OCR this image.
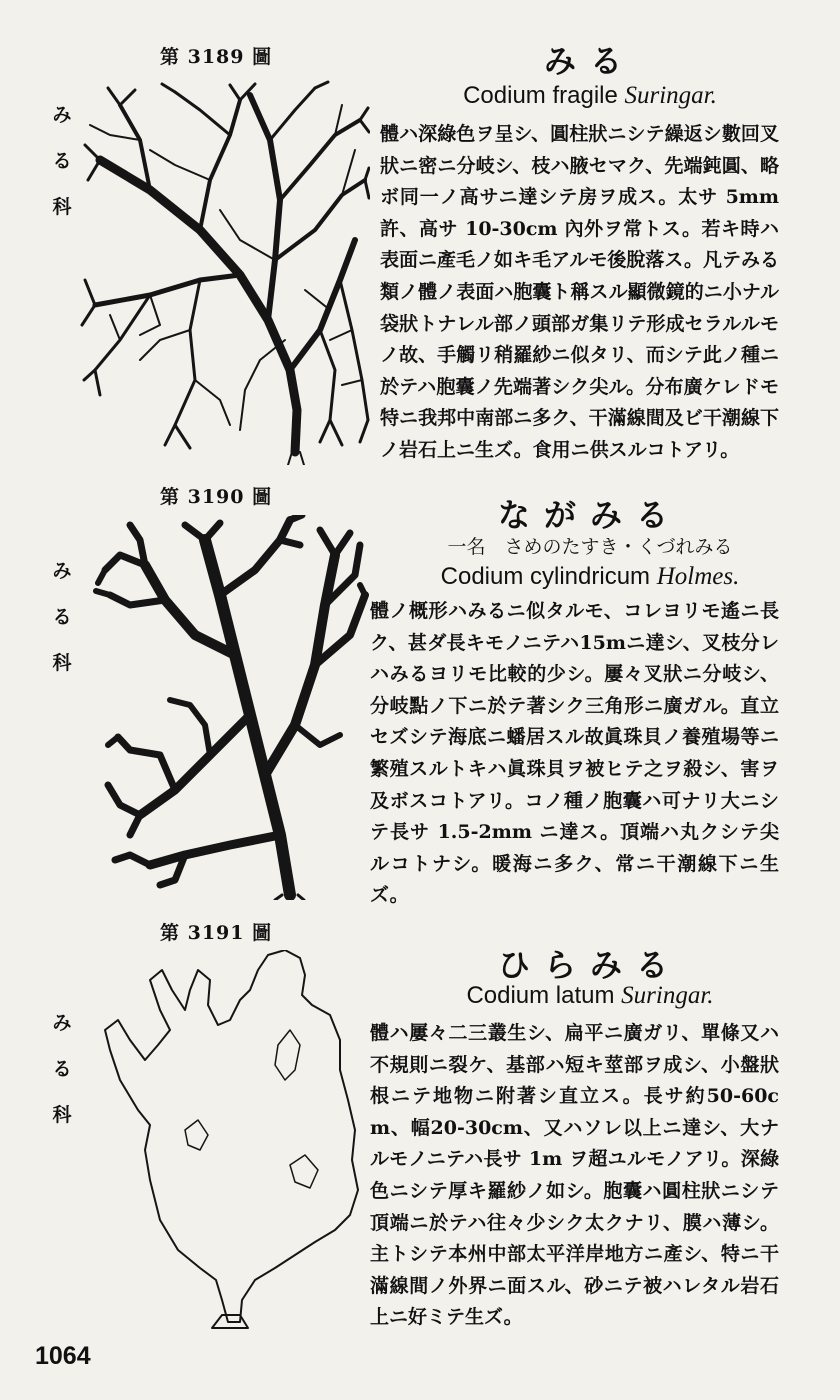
第 3189 圖
みる科
みる
Codium fragile Suringar.
體ハ深綠色ヲ呈シ、圓柱狀ニシテ繰返シ數回叉狀ニ密ニ分岐シ、枝ハ腋セマク、先端鈍圓、略ボ同一ノ高サニ達シテ房ヲ成ス。太サ 5mm 許、高サ 10-30cm 內外ヲ常トス。若キ時ハ表面ニ產毛ノ如キ毛アルモ後脫落ス。凡テみる類ノ體ノ表面ハ胞囊ト稱スル顯微鏡的ニ小ナル袋狀トナレル部ノ頭部ガ集リテ形成セラルルモノ故、手觸リ稍羅紗ニ似タリ、而シテ此ノ種ニ於テハ胞囊ノ先端著シク尖ル。分布廣ケレドモ特ニ我邦中南部ニ多ク、干滿線間及ビ干潮線下ノ岩石上ニ生ズ。食用ニ供スルコトアリ。
第 3190 圖
みる科
ながみる
一名　さめのたすき・くづれみる
Codium cylindricum Holmes.
體ノ概形ハみるニ似タルモ、コレヨリモ遙ニ長ク、甚ダ長キモノニテハ15mニ達シ、叉枝分レハみるヨリモ比較的少シ。屢々叉狀ニ分岐シ、分岐點ノ下ニ於テ著シク三角形ニ廣ガル。直立セズシテ海底ニ蟠居スル故眞珠貝ノ養殖場等ニ繁殖スルトキハ眞珠貝ヲ被ヒテ之ヲ殺シ、害ヲ及ボスコトアリ。コノ種ノ胞囊ハ可ナリ大ニシテ長サ 1.5-2mm ニ達ス。頂端ハ丸クシテ尖ルコトナシ。暖海ニ多ク、常ニ干潮線下ニ生ズ。
第 3191 圖
みる科
ひらみる
Codium latum Suringar.
體ハ屢々二三叢生シ、扁平ニ廣ガリ、單條又ハ不規則ニ裂ケ、基部ハ短キ莖部ヲ成シ、小盤狀根ニテ地物ニ附著シ直立ス。長サ約50-60cm、幅20-30cm、又ハソレ以上ニ達シ、大ナルモノニテハ長サ 1m ヲ超ユルモノアリ。深綠色ニシテ厚キ羅紗ノ如シ。胞囊ハ圓柱狀ニシテ頂端ニ於テハ往々少シク太クナリ、膜ハ薄シ。主トシテ本州中部太平洋岸地方ニ產シ、特ニ干滿線間ノ外界ニ面スル、砂ニテ被ハレタル岩石上ニ好ミテ生ズ。
1064
